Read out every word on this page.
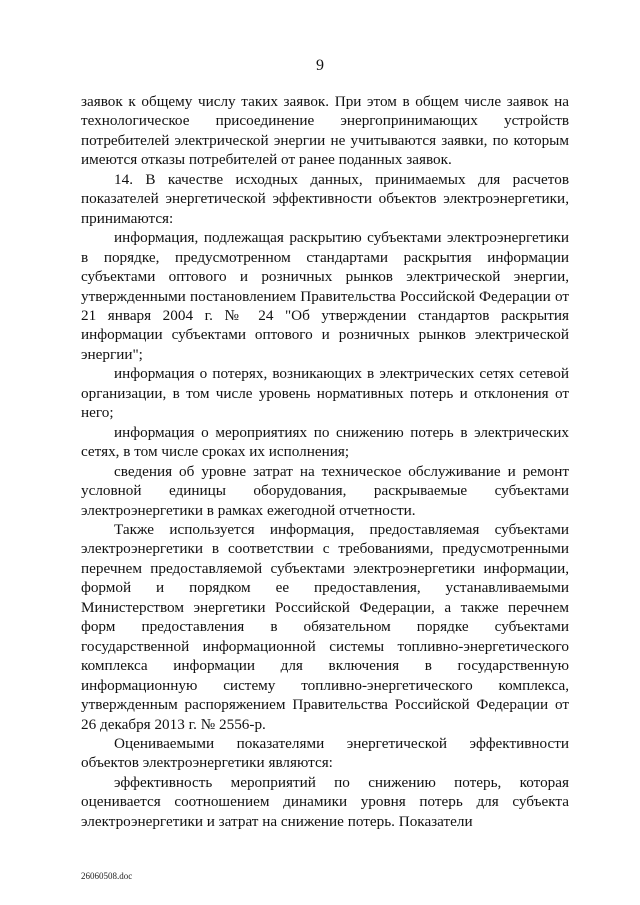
9

заявок к общему числу таких заявок. При этом в общем числе заявок на технологическое присоединение энергопринимающих устройств потребителей электрической энергии не учитываются заявки, по которым имеются отказы потребителей от ранее поданных заявок.

14. В качестве исходных данных, принимаемых для расчетов показателей энергетической эффективности объектов электроэнергетики, принимаются:

информация, подлежащая раскрытию субъектами электроэнергетики в порядке, предусмотренном стандартами раскрытия информации субъектами оптового и розничных рынков электрической энергии, утвержденными постановлением Правительства Российской Федерации от 21 января 2004 г. № 24 "Об утверждении стандартов раскрытия информации субъектами оптового и розничных рынков электрической энергии";

информация о потерях, возникающих в электрических сетях сетевой организации, в том числе уровень нормативных потерь и отклонения от него;

информация о мероприятиях по снижению потерь в электрических сетях, в том числе сроках их исполнения;

сведения об уровне затрат на техническое обслуживание и ремонт условной единицы оборудования, раскрываемые субъектами электроэнергетики в рамках ежегодной отчетности.

Также используется информация, предоставляемая субъектами электроэнергетики в соответствии с требованиями, предусмотренными перечнем предоставляемой субъектами электроэнергетики информации, формой и порядком ее предоставления, устанавливаемыми Министерством энергетики Российской Федерации, а также перечнем форм предоставления в обязательном порядке субъектами государственной информационной системы топливно-энергетического комплекса информации для включения в государственную информационную систему топливно-энергетического комплекса, утвержденным распоряжением Правительства Российской Федерации от 26 декабря 2013 г. № 2556-р.

Оцениваемыми показателями энергетической эффективности объектов электроэнергетики являются:

эффективность мероприятий по снижению потерь, которая оценивается соотношением динамики уровня потерь для субъекта электроэнергетики и затрат на снижение потерь. Показатели

26060508.doc
